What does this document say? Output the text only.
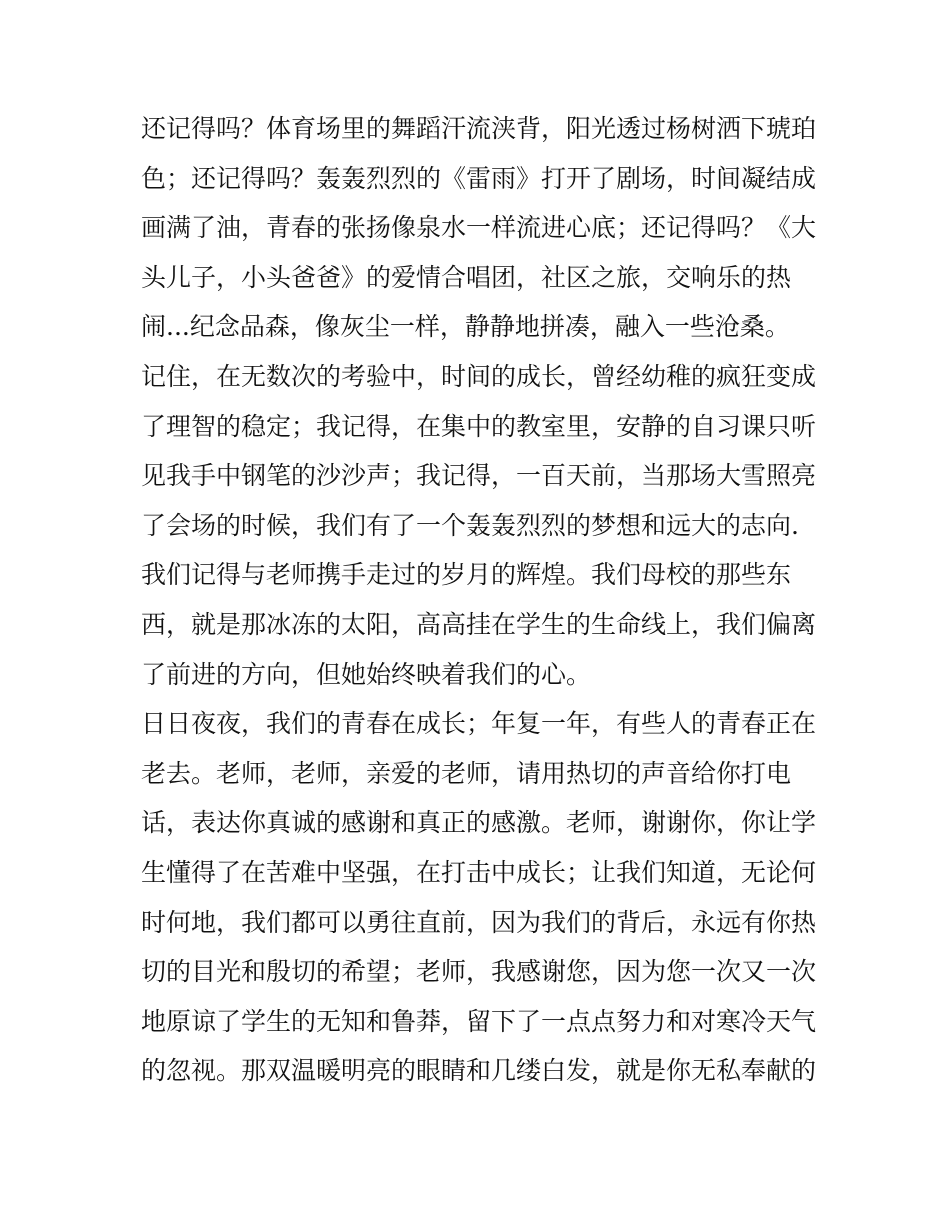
还记得吗？体育场里的舞蹈汗流浃背，阳光透过杨树洒下琥珀
色；还记得吗？轰轰烈烈的《雷雨》打开了剧场，时间凝结成
画满了油，青春的张扬像泉水一样流进心底；还记得吗？《大
头儿子，小头爸爸》的爱情合唱团，社区之旅，交响乐的热
闹...纪念品森，像灰尘一样，静静地拼凑，融入一些沧桑。
记住，在无数次的考验中，时间的成长，曾经幼稚的疯狂变成
了理智的稳定；我记得，在集中的教室里，安静的自习课只听
见我手中钢笔的沙沙声；我记得，一百天前，当那场大雪照亮
了会场的时候，我们有了一个轰轰烈烈的梦想和远大的志向.
我们记得与老师携手走过的岁月的辉煌。我们母校的那些东
西，就是那冰冻的太阳，高高挂在学生的生命线上，我们偏离
了前进的方向，但她始终映着我们的心。
日日夜夜，我们的青春在成长；年复一年，有些人的青春正在
老去。老师，老师，亲爱的老师，请用热切的声音给你打电
话，表达你真诚的感谢和真正的感激。老师，谢谢你，你让学
生懂得了在苦难中坚强，在打击中成长；让我们知道，无论何
时何地，我们都可以勇往直前，因为我们的背后，永远有你热
切的目光和殷切的希望；老师，我感谢您，因为您一次又一次
地原谅了学生的无知和鲁莽，留下了一点点努力和对寒冷天气
的忽视。那双温暖明亮的眼睛和几缕白发，就是你无私奉献的
